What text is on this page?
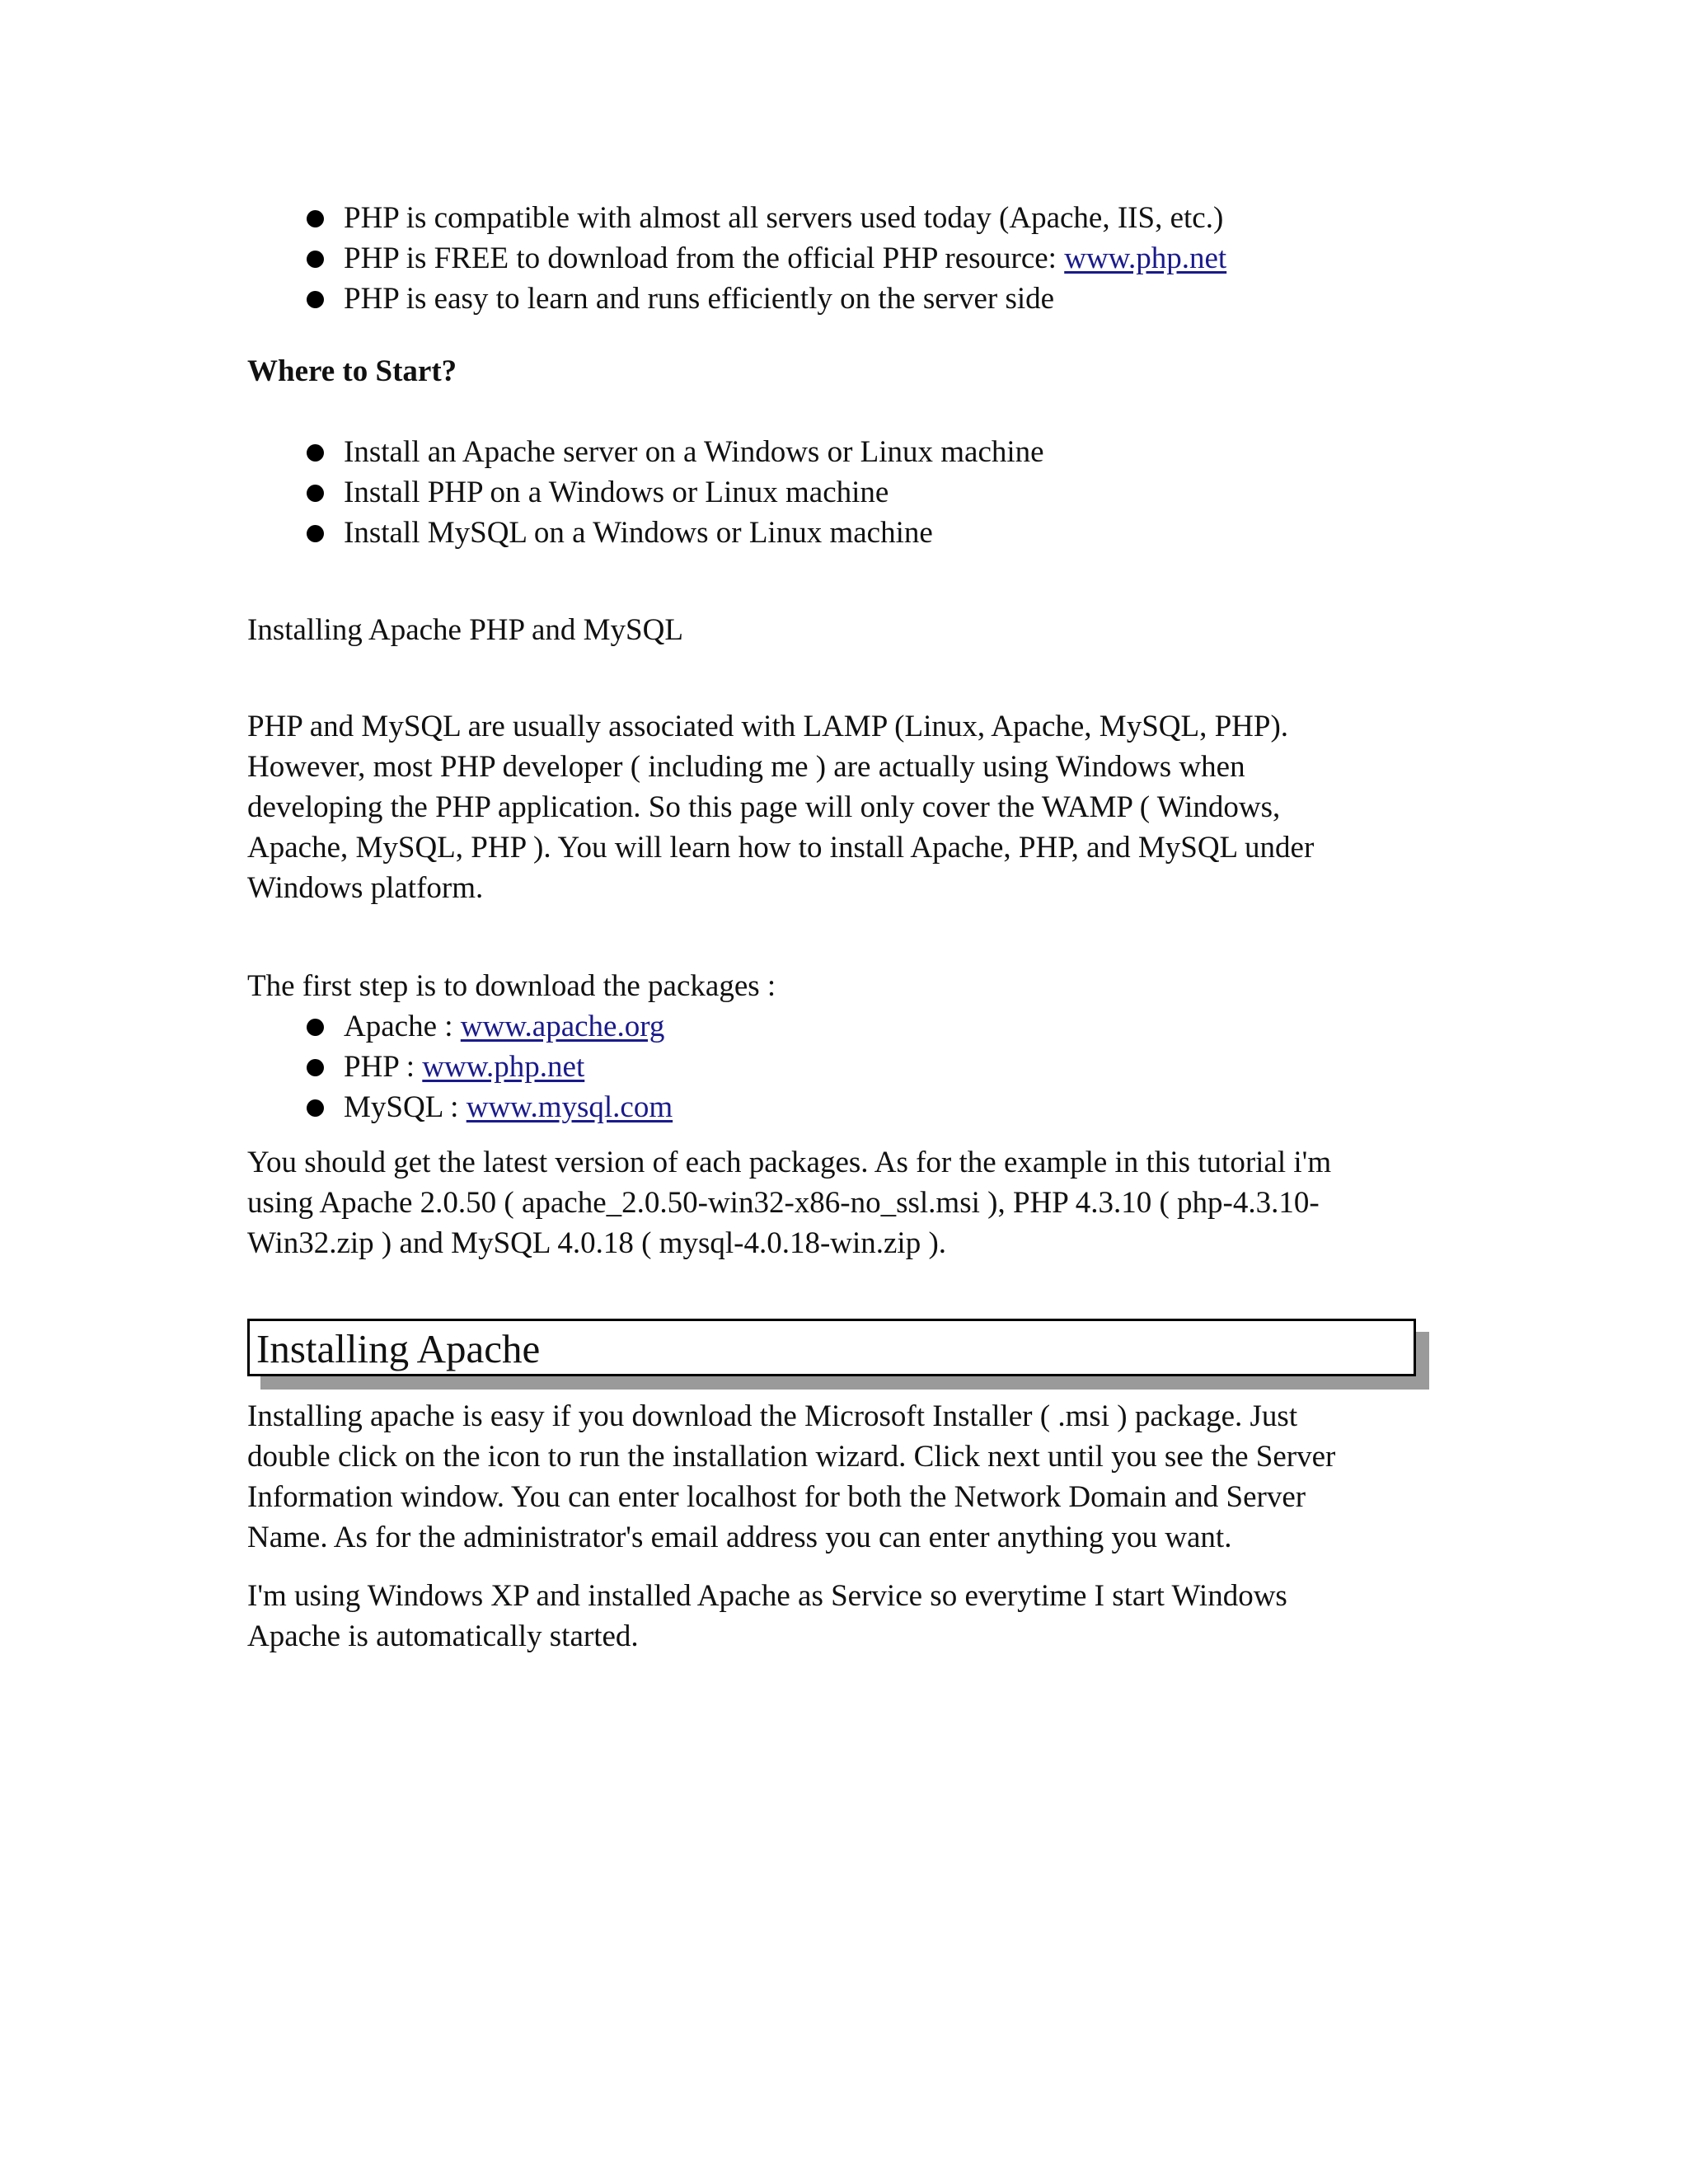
PHP is compatible with almost all servers used today (Apache, IIS, etc.)
PHP is FREE to download from the official PHP resource: www.php.net
PHP is easy to learn and runs efficiently on the server side

Where to Start?

Install an Apache server on a Windows or Linux machine
Install PHP on a Windows or Linux machine
Install MySQL on a Windows or Linux machine

Installing Apache PHP and MySQL

PHP and MySQL are usually associated with LAMP (Linux, Apache, MySQL, PHP).
However, most PHP developer ( including me ) are actually using Windows when
developing the PHP application. So this page will only cover the WAMP ( Windows,
Apache, MySQL, PHP ). You will learn how to install Apache, PHP, and MySQL under
Windows platform.

The first step is to download the packages :

Apache : www.apache.org
PHP : www.php.net
MySQL : www.mysql.com
You should get the latest version of each packages. As for the example in this tutorial i'm
using Apache 2.0.50 ( apache_2.0.50-win32-x86-no_ssl.msi ), PHP 4.3.10 ( php-4.3.10-
Win32.zip ) and MySQL 4.0.18 ( mysql-4.0.18-win.zip ).
Installing Apache
Installing apache is easy if you download the Microsoft Installer ( .msi ) package. Just
double click on the icon to run the installation wizard. Click next until you see the Server
Information window. You can enter localhost for both the Network Domain and Server
Name. As for the administrator's email address you can enter anything you want.
I'm using Windows XP and installed Apache as Service so everytime I start Windows
Apache is automatically started.
